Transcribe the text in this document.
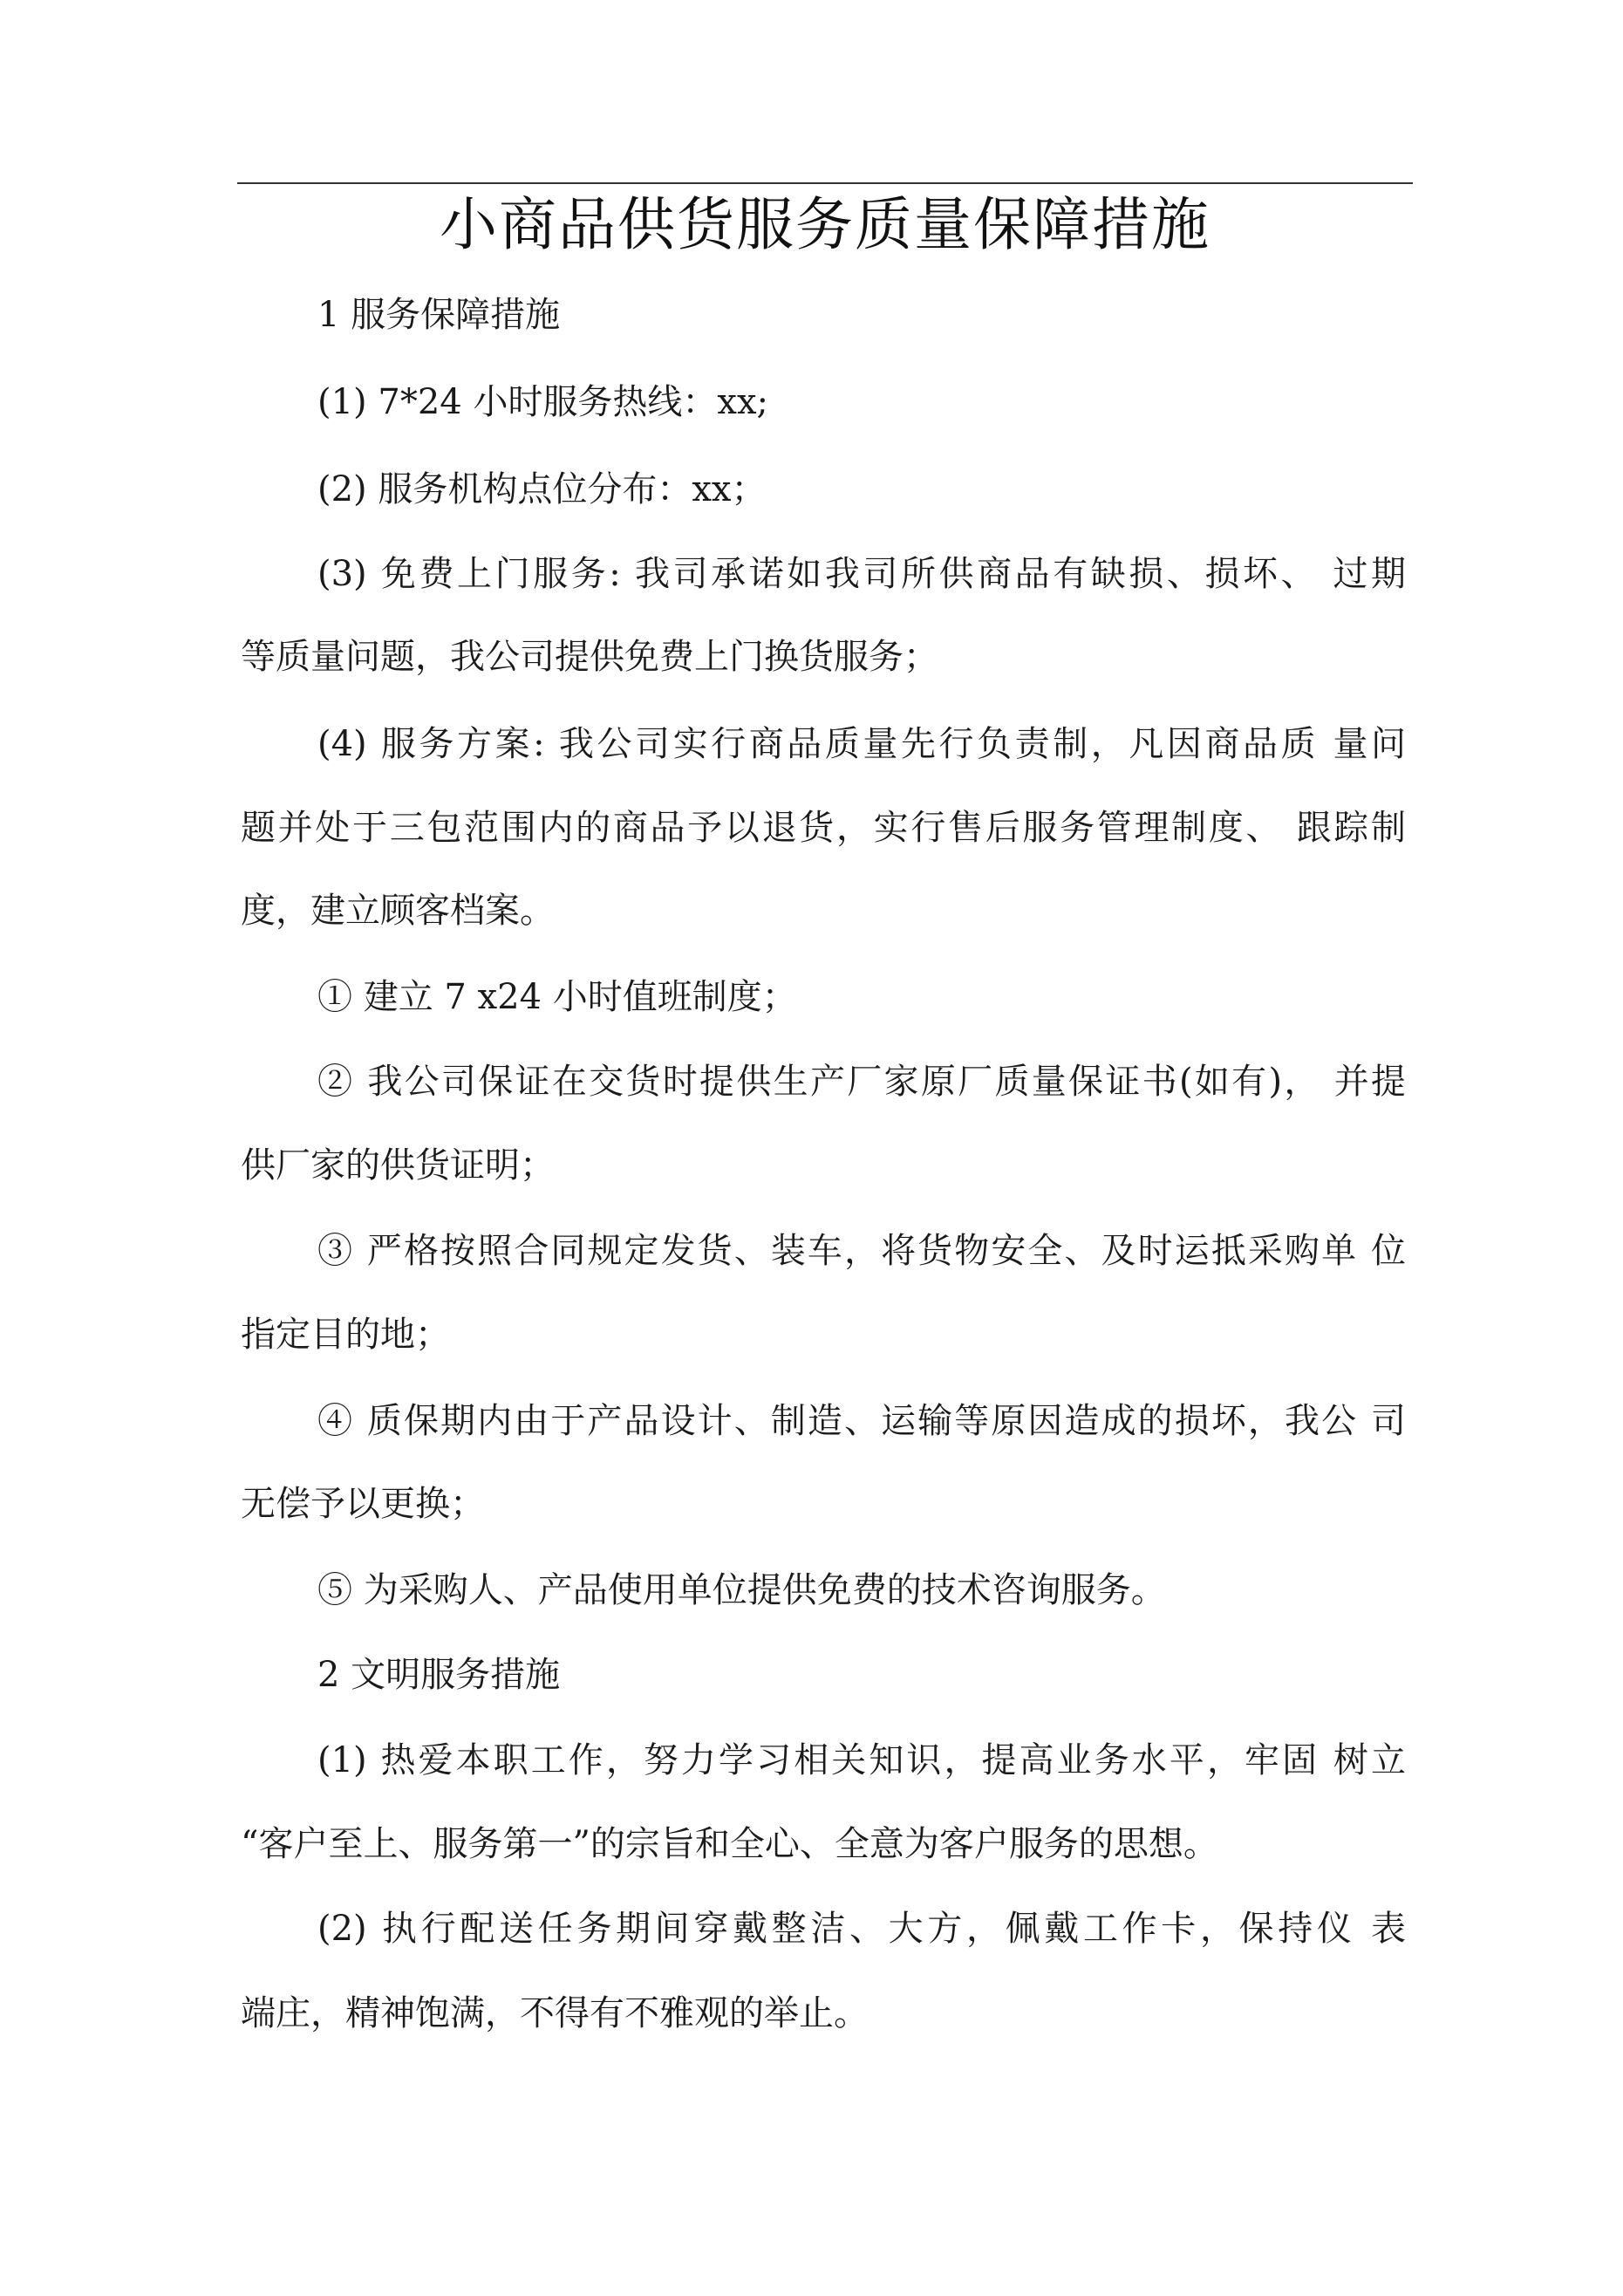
小商品供货服务质量保障措施
1 服务保障措施
(1) 7*24 小时服务热线：xx;
(2) 服务机构点位分布：xx；
(3) 免费上门服务: 我司承诺如我司所供商品有缺损、损坏、 过期
等质量问题，我公司提供免费上门换货服务；
(4) 服务方案: 我公司实行商品质量先行负责制，凡因商品质 量问
题并处于三包范围内的商品予以退货，实行售后服务管理制度、 跟踪制
度，建立顾客档案。
① 建立 7 x24 小时值班制度；
② 我公司保证在交货时提供生产厂家原厂质量保证书(如有)， 并提
供厂家的供货证明；
③ 严格按照合同规定发货、装车，将货物安全、及时运抵采购单 位
指定目的地；
④ 质保期内由于产品设计、制造、运输等原因造成的损坏，我公 司
无偿予以更换；
⑤ 为采购人、产品使用单位提供免费的技术咨询服务。
2 文明服务措施
(1) 热爱本职工作，努力学习相关知识，提高业务水平，牢固 树立
“客户至上、服务第一”的宗旨和全心、全意为客户服务的思想。
(2) 执行配送任务期间穿戴整洁、大方，佩戴工作卡，保持仪 表
端庄，精神饱满，不得有不雅观的举止。
